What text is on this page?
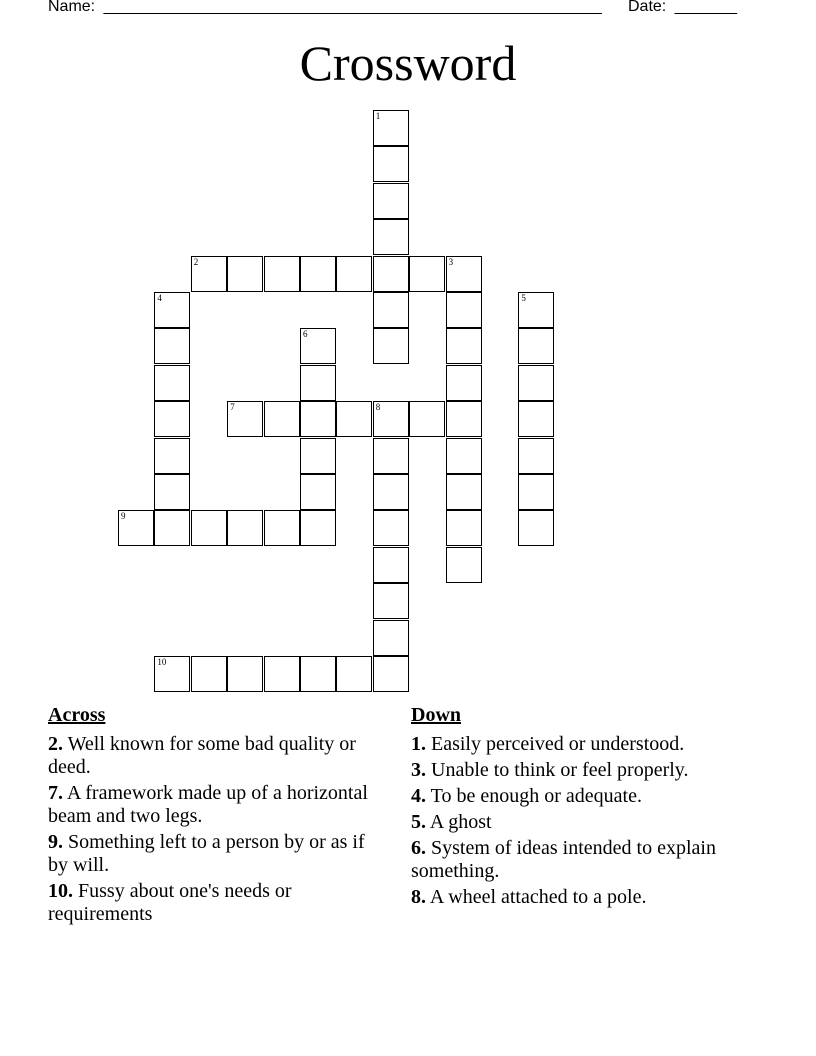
Name: ________________________________________________________ Date: _______
Crossword
1
2	3
4	5
6
7	8
9
10
Across
2. Well known for some bad quality or deed.
7. A framework made up of a horizontal beam and two legs.
9. Something left to a person by or as if by will.
10. Fussy about one's needs or requirements
Down
1. Easily perceived or understood.
3. Unable to think or feel properly.
4. To be enough or adequate.
5. A ghost
6. System of ideas intended to explain something.
8. A wheel attached to a pole.
